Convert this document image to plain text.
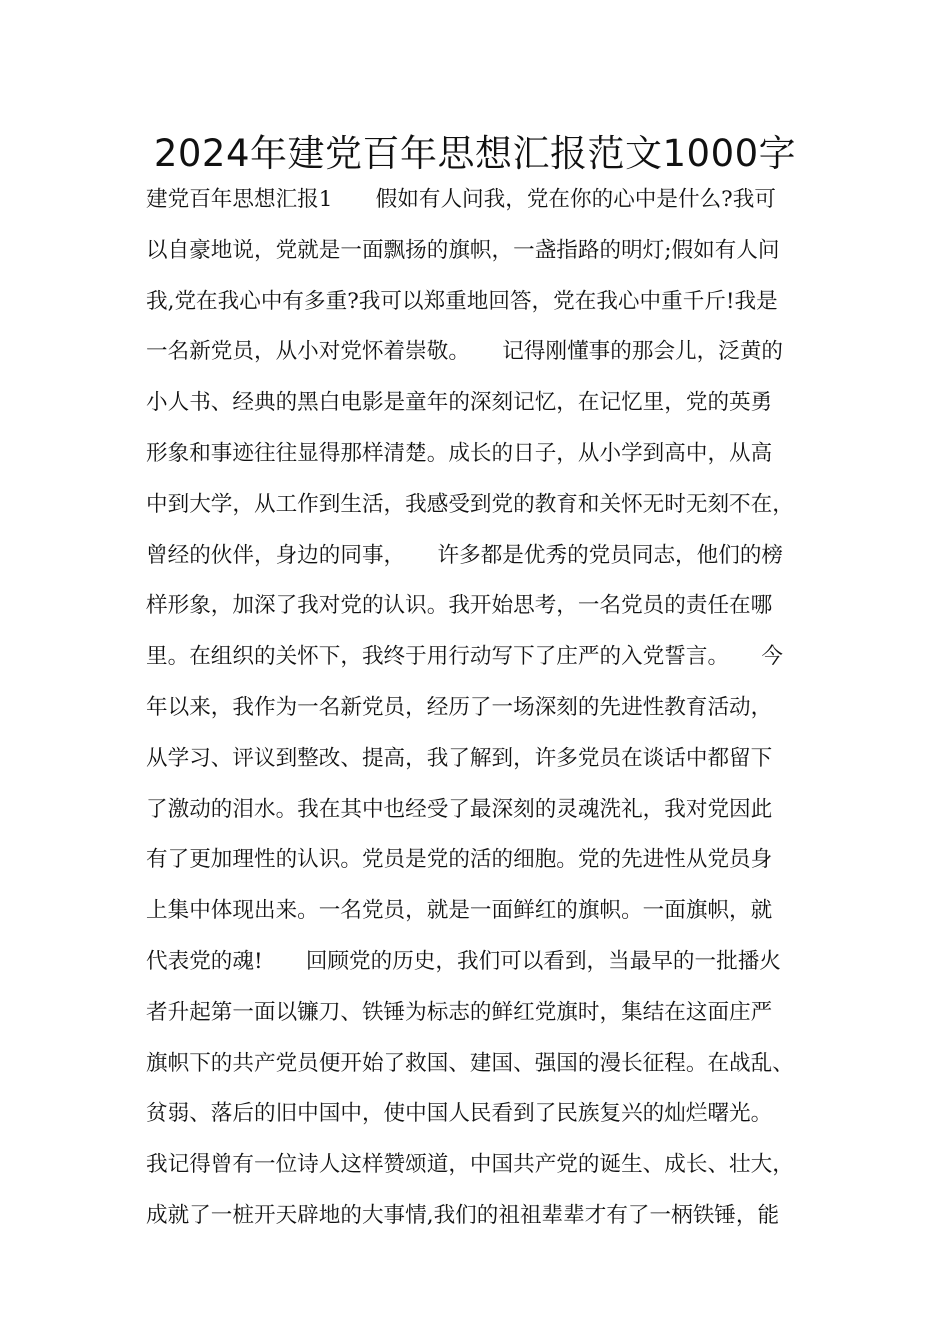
2024年建党百年思想汇报范文1000字
建党百年思想汇报1　　假如有人问我，党在你的心中是什么?我可
以自豪地说，党就是一面飘扬的旗帜，一盏指路的明灯;假如有人问
我,党在我心中有多重?我可以郑重地回答，党在我心中重千斤!我是
一名新党员，从小对党怀着崇敬。　　记得刚懂事的那会儿，泛黄的
小人书、经典的黑白电影是童年的深刻记忆，在记忆里，党的英勇
形象和事迹往往显得那样清楚。成长的日子，从小学到高中，从高
中到大学，从工作到生活，我感受到党的教育和关怀无时无刻不在，
曾经的伙伴，身边的同事，　　许多都是优秀的党员同志，他们的榜
样形象，加深了我对党的认识。我开始思考，一名党员的责任在哪
里。在组织的关怀下，我终于用行动写下了庄严的入党誓言。　　今
年以来，我作为一名新党员，经历了一场深刻的先进性教育活动，
从学习、评议到整改、提高，我了解到，许多党员在谈话中都留下
了激动的泪水。我在其中也经受了最深刻的灵魂洗礼，我对党因此
有了更加理性的认识。党员是党的活的细胞。党的先进性从党员身
上集中体现出来。一名党员，就是一面鲜红的旗帜。一面旗帜，就
代表党的魂!　　回顾党的历史，我们可以看到，当最早的一批播火
者升起第一面以镰刀、铁锤为标志的鲜红党旗时，集结在这面庄严
旗帜下的共产党员便开始了救国、建国、强国的漫长征程。在战乱、
贫弱、落后的旧中国中，使中国人民看到了民族复兴的灿烂曙光。
我记得曾有一位诗人这样赞颂道，中国共产党的诞生、成长、壮大，
成就了一桩开天辟地的大事情,我们的祖祖辈辈才有了一柄铁锤，能
